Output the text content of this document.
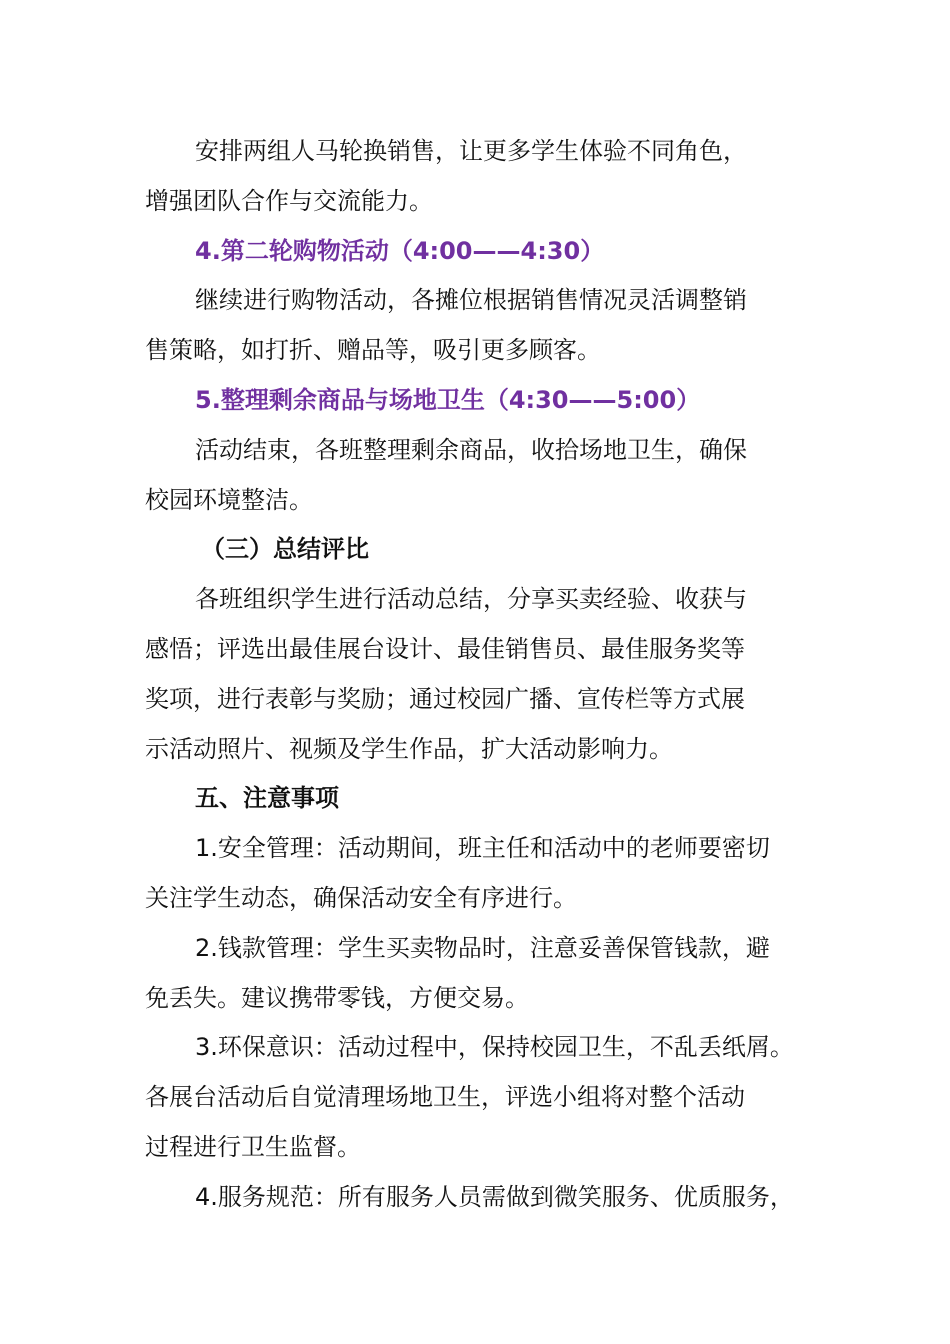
安排两组人马轮换销售，让更多学生体验不同角色，

增强团队合作与交流能力。

4.第二轮购物活动（4:00——4:30）

继续进行购物活动，各摊位根据销售情况灵活调整销

售策略，如打折、赠品等，吸引更多顾客。

5.整理剩余商品与场地卫生（4:30——5:00）

活动结束，各班整理剩余商品，收拾场地卫生，确保

校园环境整洁。

（三）总结评比

各班组织学生进行活动总结，分享买卖经验、收获与

感悟；评选出最佳展台设计、最佳销售员、最佳服务奖等

奖项，进行表彰与奖励；通过校园广播、宣传栏等方式展

示活动照片、视频及学生作品，扩大活动影响力。

五、注意事项

1.安全管理：活动期间，班主任和活动中的老师要密切

关注学生动态，确保活动安全有序进行。

2.钱款管理：学生买卖物品时，注意妥善保管钱款，避

免丢失。建议携带零钱，方便交易。

3.环保意识：活动过程中，保持校园卫生，不乱丢纸屑。

各展台活动后自觉清理场地卫生，评选小组将对整个活动

过程进行卫生监督。

4.服务规范：所有服务人员需做到微笑服务、优质服务，
